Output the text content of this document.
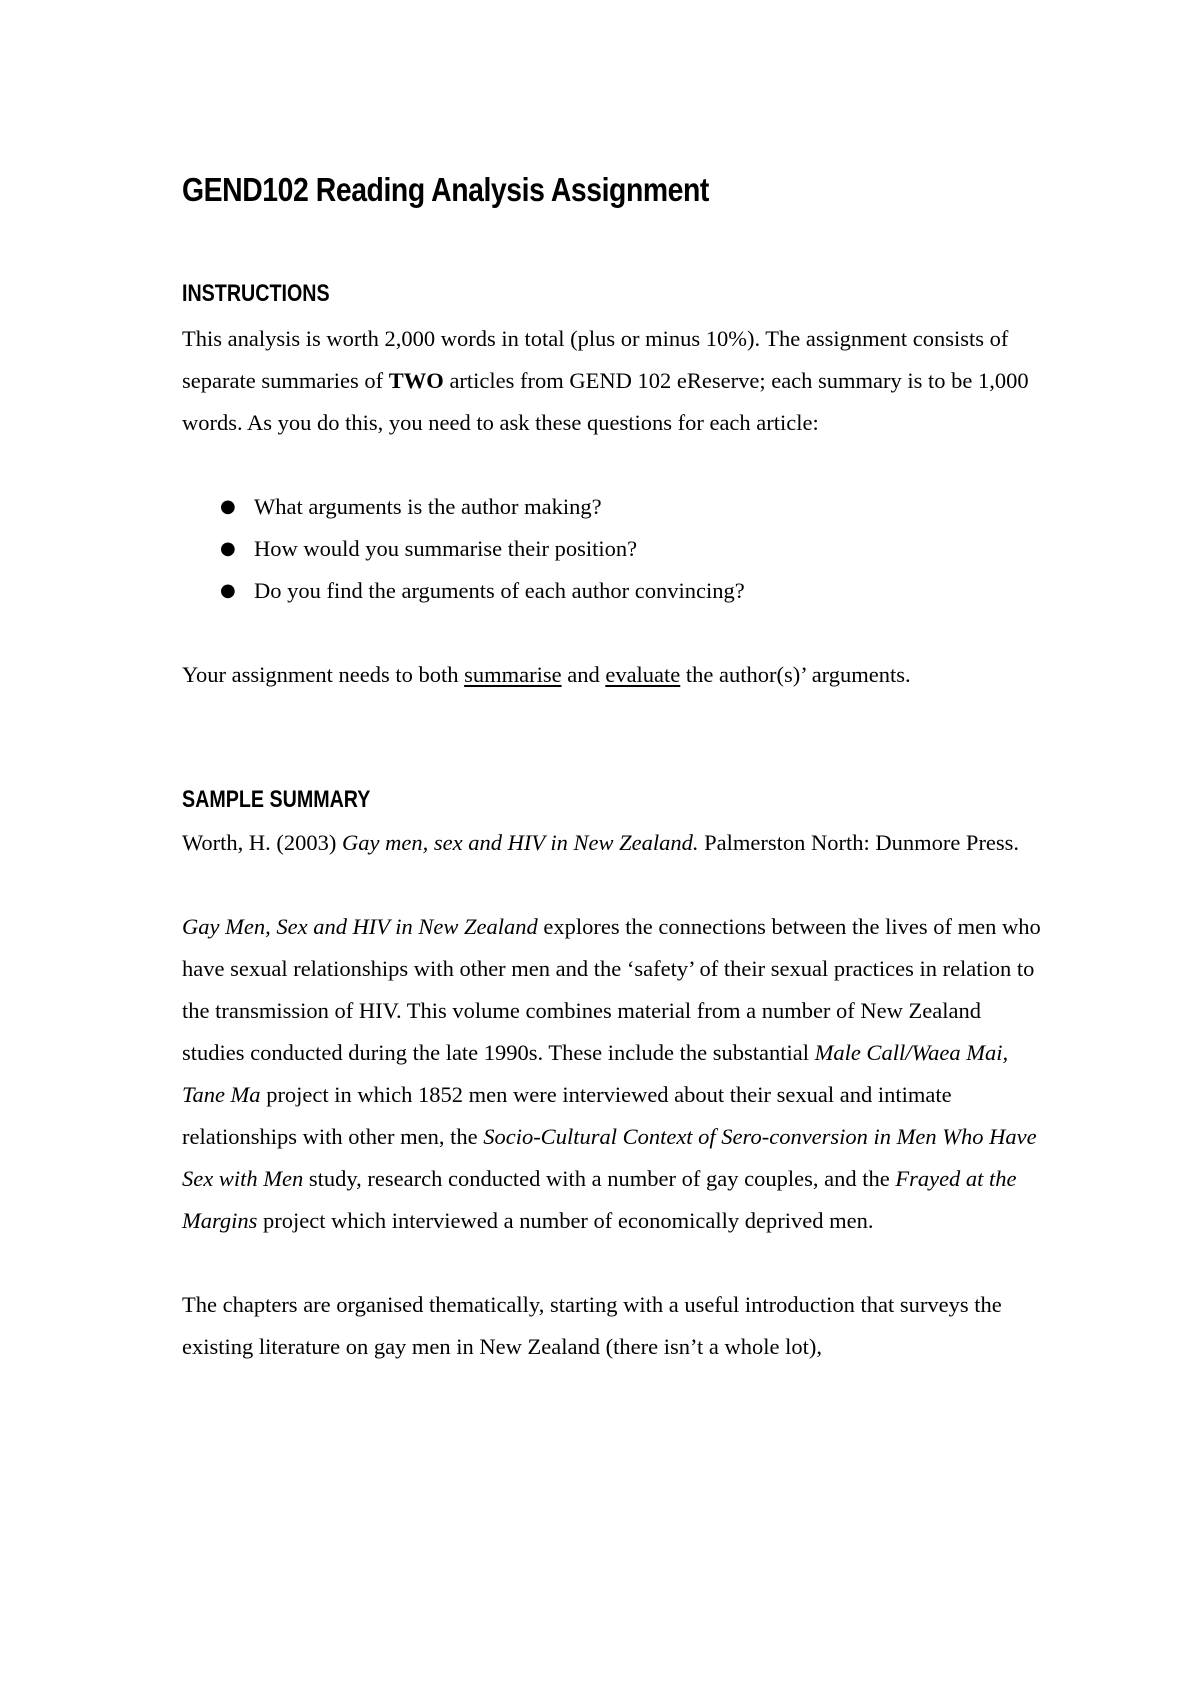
GEND102 Reading Analysis Assignment
INSTRUCTIONS

This analysis is worth 2,000 words in total (plus or minus 10%). The assignment consists of separate summaries of TWO articles from GEND 102 eReserve; each summary is to be 1,000 words. As you do this, you need to ask these questions for each article:

● What arguments is the author making?
● How would you summarise their position?
● Do you find the arguments of each author convincing?

Your assignment needs to both summarise and evaluate the author(s)’ arguments.

SAMPLE SUMMARY

Worth, H. (2003) Gay men, sex and HIV in New Zealand. Palmerston North: Dunmore Press.

Gay Men, Sex and HIV in New Zealand explores the connections between the lives of men who have sexual relationships with other men and the ‘safety’ of their sexual practices in relation to the transmission of HIV. This volume combines material from a number of New Zealand studies conducted during the late 1990s. These include the substantial Male Call/Waea Mai, Tane Ma project in which 1852 men were interviewed about their sexual and intimate relationships with other men, the Socio-Cultural Context of Sero-conversion in Men Who Have Sex with Men study, research conducted with a number of gay couples, and the Frayed at the Margins project which interviewed a number of economically deprived men.

The chapters are organised thematically, starting with a useful introduction that surveys the existing literature on gay men in New Zealand (there isn’t a whole lot),
